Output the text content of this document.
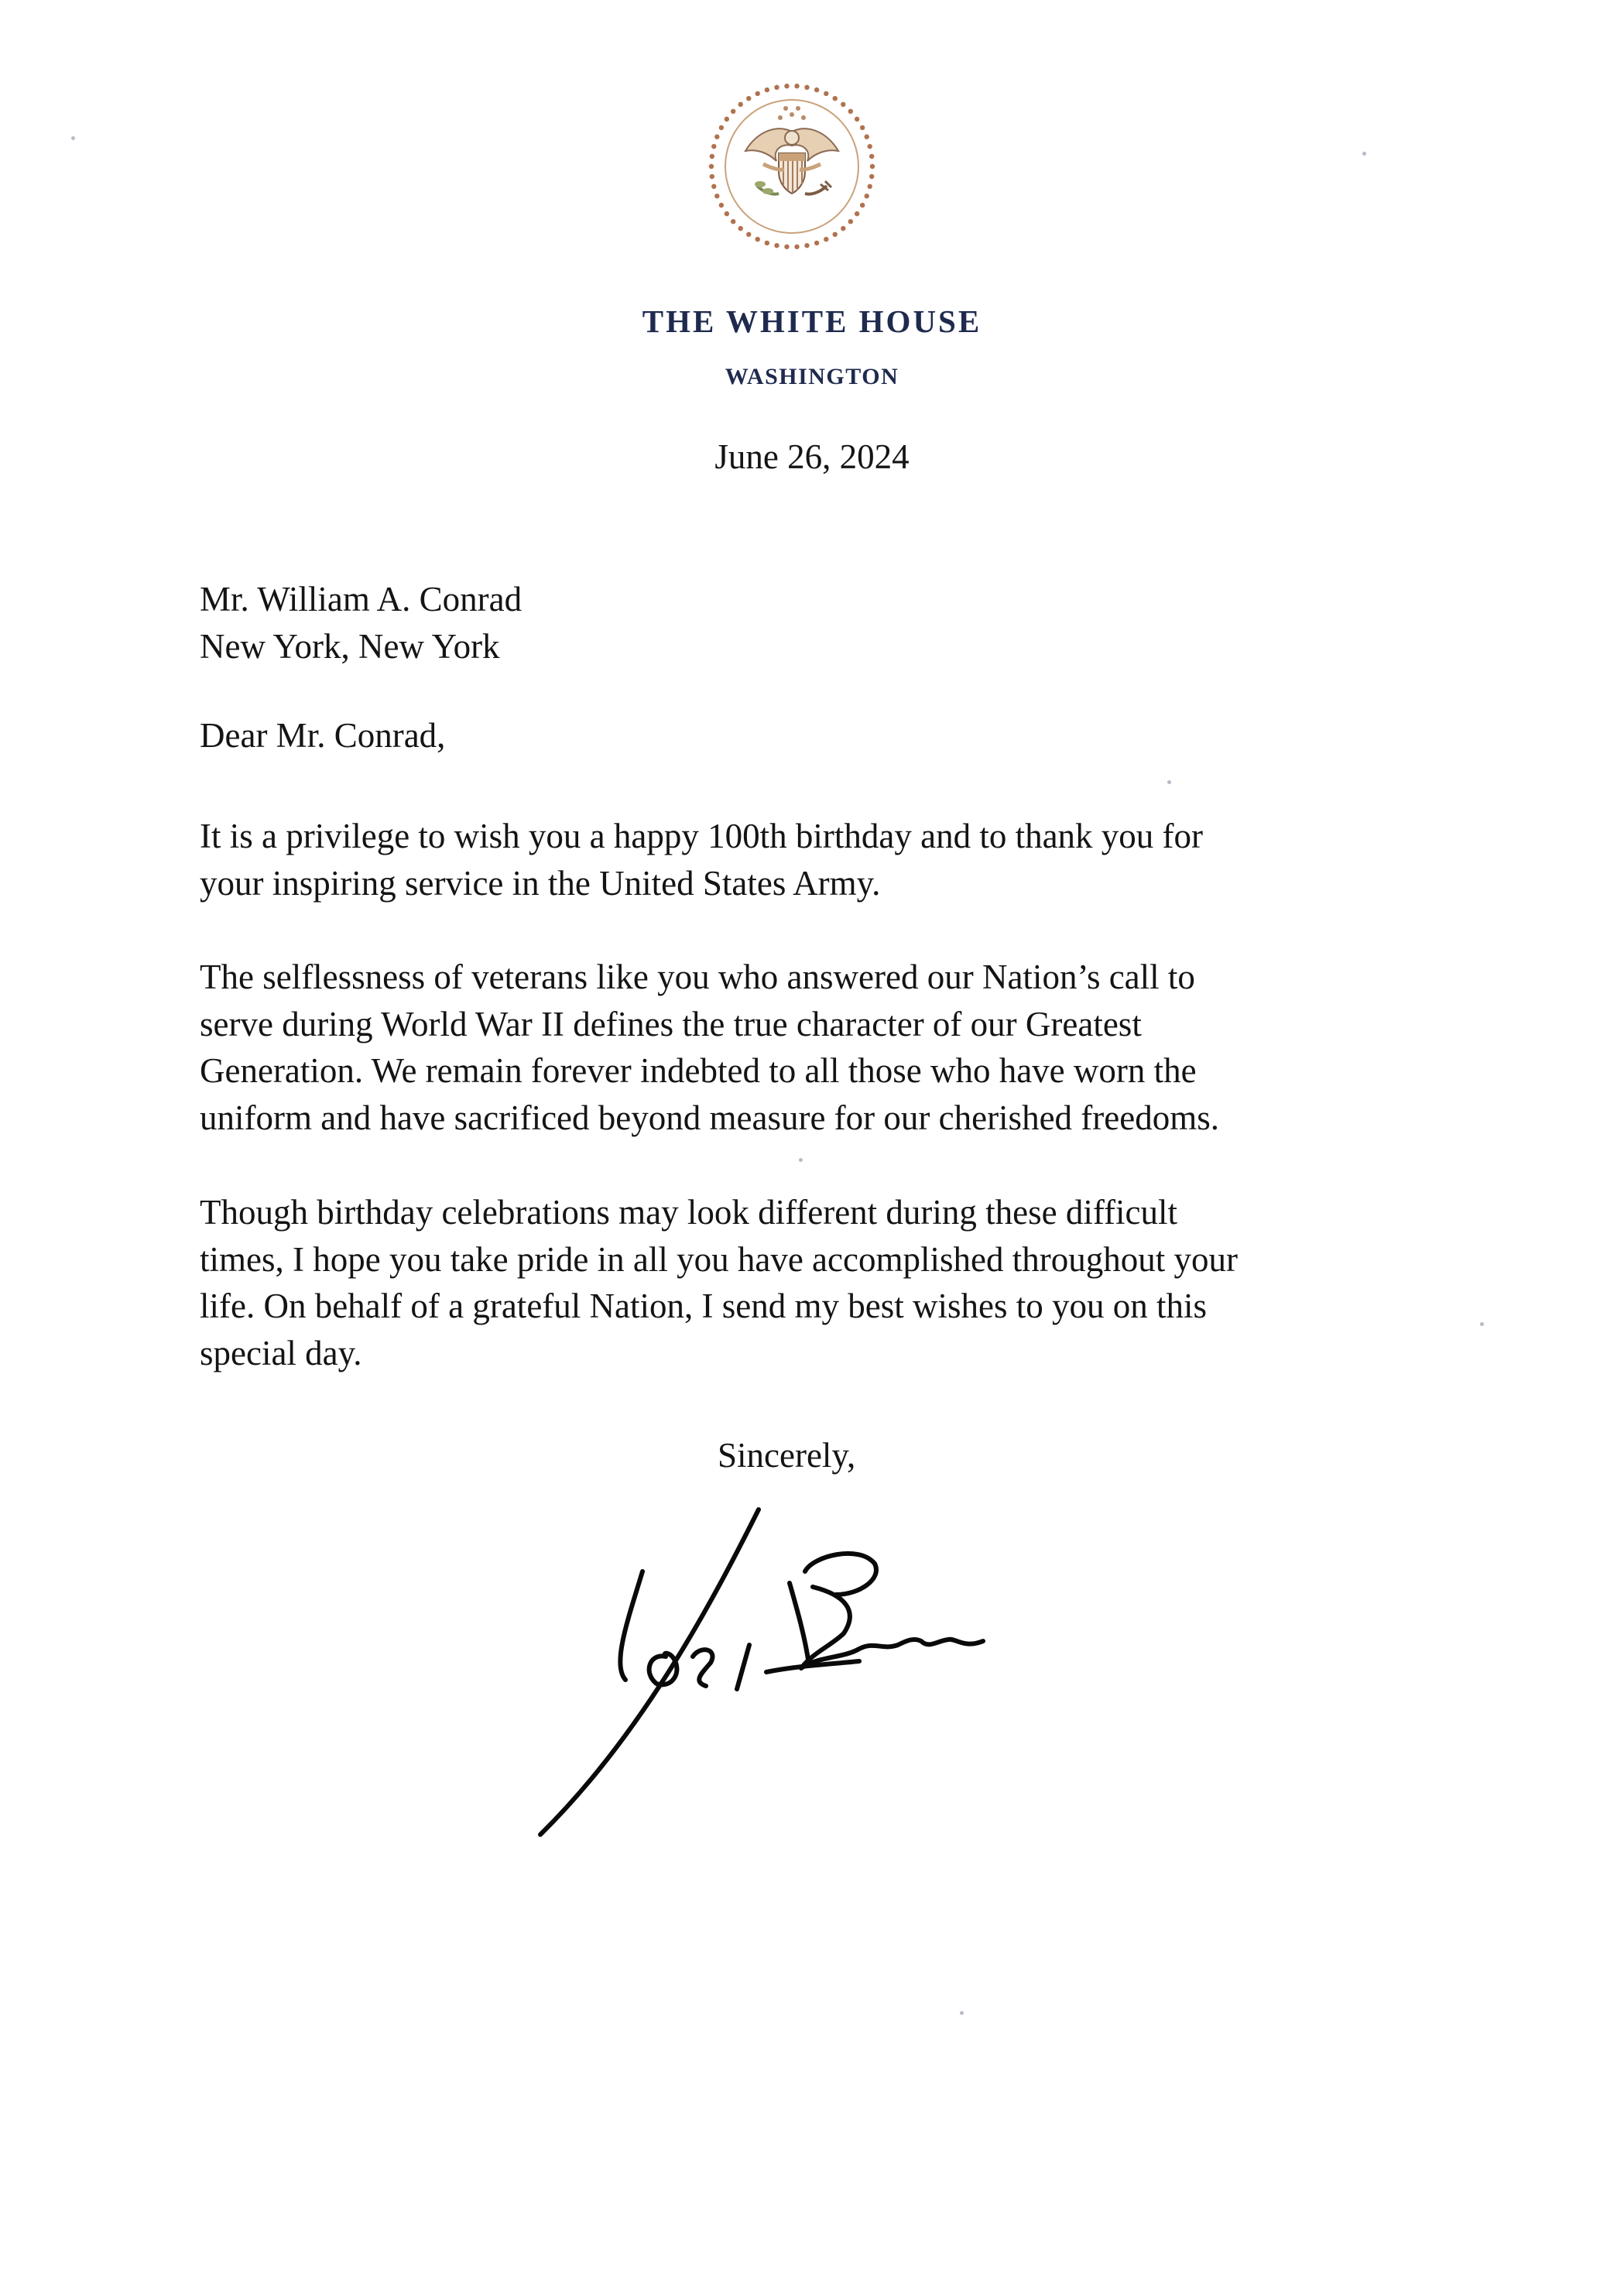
THE WHITE HOUSE
WASHINGTON
June 26, 2024
Mr. William A. Conrad
New York, New York
Dear Mr. Conrad,
It is a privilege to wish you a happy 100th birthday and to thank you for
your inspiring service in the United States Army.
The selflessness of veterans like you who answered our Nation’s call to
serve during World War II defines the true character of our Greatest
Generation. We remain forever indebted to all those who have worn the
uniform and have sacrificed beyond measure for our cherished freedoms.
Though birthday celebrations may look different during these difficult
times, I hope you take pride in all you have accomplished throughout your
life. On behalf of a grateful Nation, I send my best wishes to you on this
special day.
Sincerely,
